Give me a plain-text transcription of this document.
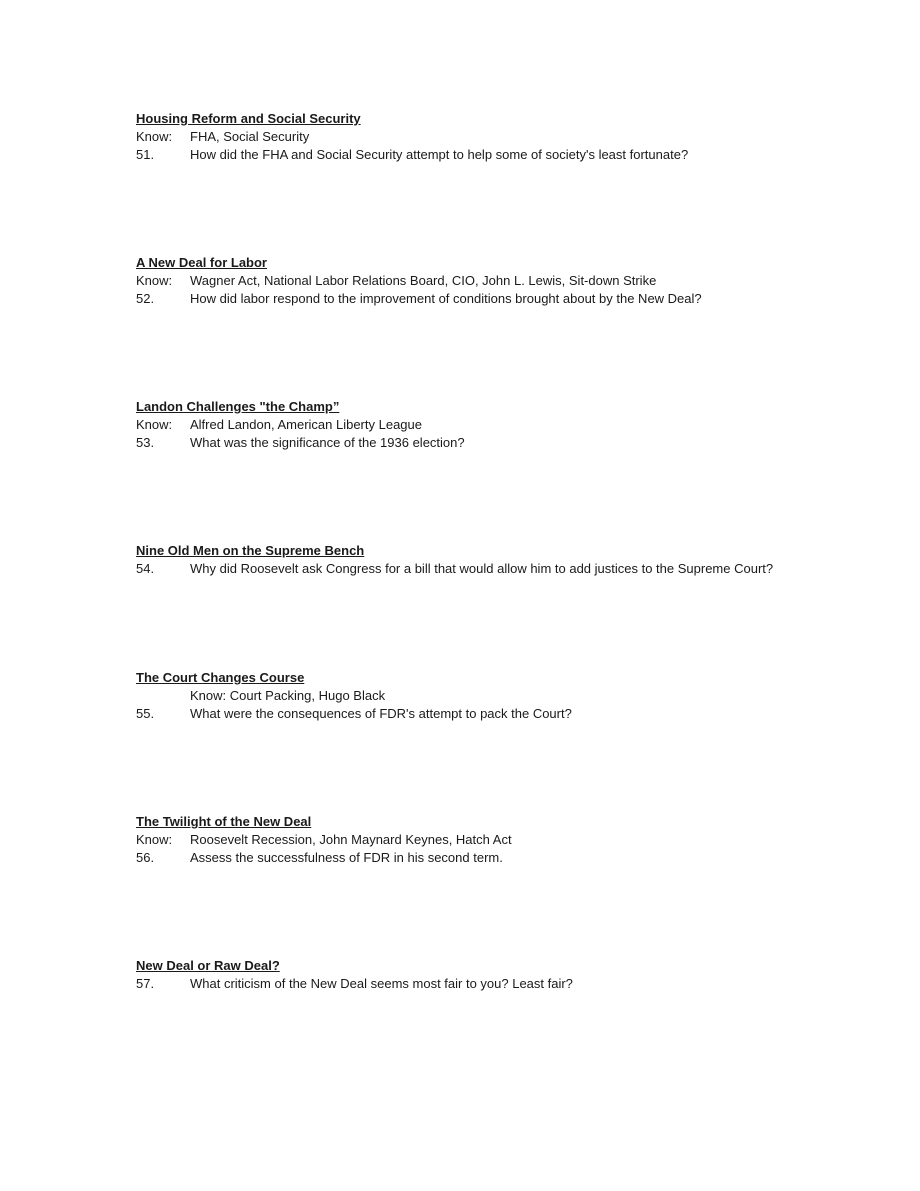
Housing Reform and Social Security
Know: FHA, Social Security
51.	How did the FHA and Social Security attempt to help some of society's least fortunate?
A New Deal for Labor
Know: Wagner Act, National Labor Relations Board, CIO, John L. Lewis, Sit-down Strike
52.	How did labor respond to the improvement of conditions brought about by the New Deal?
Landon Challenges "the Champ”
Know: Alfred Landon, American Liberty League
53.	What was the significance of the 1936 election?
Nine Old Men on the Supreme Bench
54.	Why did Roosevelt ask Congress for a bill that would allow him to add justices to the Supreme Court?
The Court Changes Course
Know: Court Packing, Hugo Black
55.	What were the consequences of FDR's attempt to pack the Court?
The Twilight of the New Deal
Know: Roosevelt Recession, John Maynard Keynes, Hatch Act
56.	Assess the successfulness of FDR in his second term.
New Deal or Raw Deal?
57.	What criticism of the New Deal seems most fair to you? Least fair?
